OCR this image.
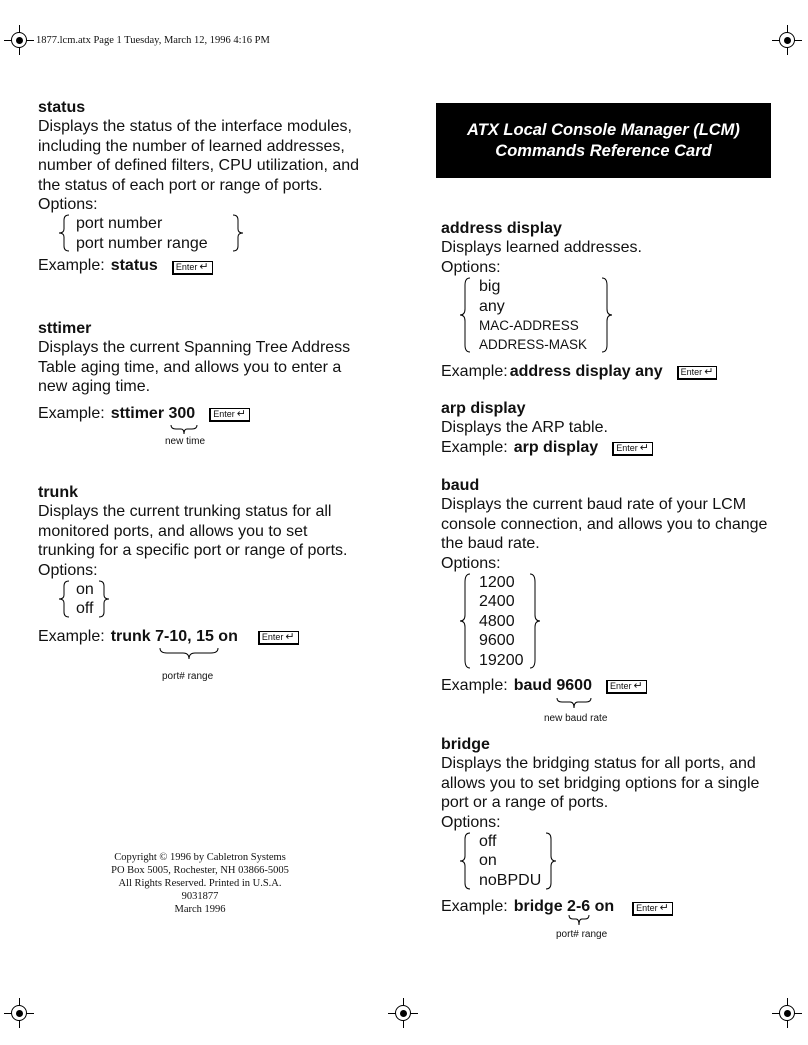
1877.lcm.atx Page 1 Tuesday, March 12, 1996 4:16 PM
ATX Local Console Manager (LCM)
Commands Reference Card
status
Displays the status of the interface modules,
including the number of learned addresses,
number of defined filters, CPU utilization, and
the status of each port or range of ports.
Options:
port number
port number range
Example: status	Enter ↵
sttimer
Displays the current Spanning Tree Address
Table aging time, and allows you to enter a
new aging time.
Example: sttimer 300	Enter ↵
new time
trunk
Displays the current trunking status for all
monitored ports, and allows you to set
trunking for a specific port or range of ports.
Options:
on
off
Example: trunk 7-10, 15 on	Enter ↵
port# range
Copyright © 1996 by Cabletron Systems
PO Box 5005, Rochester, NH 03866-5005
All Rights Reserved. Printed in U.S.A.
9031877
March 1996
address display
Displays learned addresses.
Options:
big
any
MAC-ADDRESS
ADDRESS-MASK
Example: address display any	Enter ↵
arp display
Displays the ARP table.
Example: arp display	Enter ↵
baud
Displays the current baud rate of your LCM
console connection, and allows you to change
the baud rate.
Options:
1200
2400
4800
9600
19200
Example: baud 9600	Enter ↵
new baud rate
bridge
Displays the bridging status for all ports, and
allows you to set bridging options for a single
port or a range of ports.
Options:
off
on
noBPDU
Example: bridge 2-6 on	Enter ↵
port# range
